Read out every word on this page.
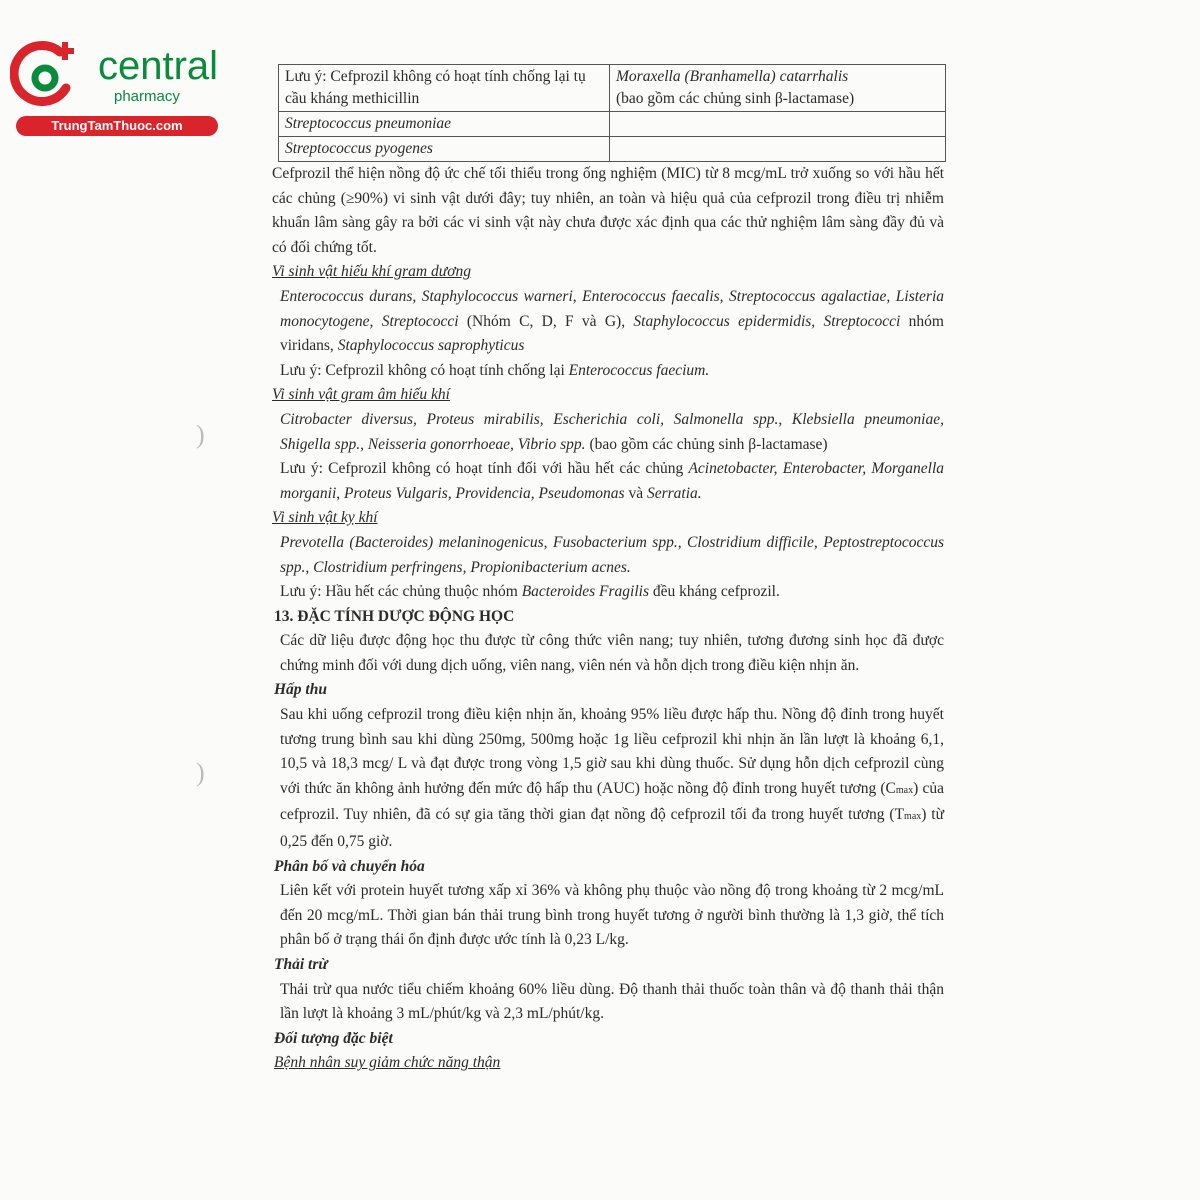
central
pharmacy
TrungTamThuoc.com
)
)
Lưu ý: Cefprozil không có hoạt tính chống lại tụ cầu kháng methicillin	Moraxella (Branhamella) catarrhalis
(bao gồm các chủng sinh β-lactamase)
Streptococcus pneumoniae	
Streptococcus pyogenes	

Cefprozil thể hiện nồng độ ức chế tối thiểu trong ống nghiệm (MIC) từ 8 mcg/mL trở xuống so với hầu hết các chủng (≥90%) vi sinh vật dưới đây; tuy nhiên, an toàn và hiệu quả của cefprozil trong điều trị nhiễm khuẩn lâm sàng gây ra bởi các vi sinh vật này chưa được xác định qua các thử nghiệm lâm sàng đầy đủ và có đối chứng tốt.

Vi sinh vật hiếu khí gram dương

Enterococcus durans, Staphylococcus warneri, Enterococcus faecalis, Streptococcus agalactiae, Listeria monocytogene, Streptococci (Nhóm C, D, F và G), Staphylococcus epidermidis, Streptococci nhóm viridans, Staphylococcus saprophyticus

Lưu ý: Cefprozil không có hoạt tính chống lại Enterococcus faecium.

Vi sinh vật gram âm hiếu khí

Citrobacter diversus, Proteus mirabilis, Escherichia coli, Salmonella spp., Klebsiella pneumoniae, Shigella spp., Neisseria gonorrhoeae, Vibrio spp. (bao gồm các chủng sinh β-lactamase)

Lưu ý: Cefprozil không có hoạt tính đối với hầu hết các chủng Acinetobacter, Enterobacter, Morganella morganii, Proteus Vulgaris, Providencia, Pseudomonas và Serratia.

Vi sinh vật kỵ khí

Prevotella (Bacteroides) melaninogenicus, Fusobacterium spp., Clostridium difficile, Peptostreptococcus spp., Clostridium perfringens, Propionibacterium acnes.

Lưu ý: Hầu hết các chủng thuộc nhóm Bacteroides Fragilis đều kháng cefprozil.

13. ĐẶC TÍNH DƯỢC ĐỘNG HỌC

Các dữ liệu được động học thu được từ công thức viên nang; tuy nhiên, tương đương sinh học đã được chứng minh đối với dung dịch uống, viên nang, viên nén và hỗn dịch trong điều kiện nhịn ăn.

Hấp thu

Sau khi uống cefprozil trong điều kiện nhịn ăn, khoảng 95% liều được hấp thu. Nồng độ đỉnh trong huyết tương trung bình sau khi dùng 250mg, 500mg hoặc 1g liều cefprozil khi nhịn ăn lần lượt là khoảng 6,1, 10,5 và 18,3 mcg/ L và đạt được trong vòng 1,5 giờ sau khi dùng thuốc. Sử dụng hỗn dịch cefprozil cùng với thức ăn không ảnh hưởng đến mức độ hấp thu (AUC) hoặc nồng độ đỉnh trong huyết tương (Cmax) của cefprozil. Tuy nhiên, đã có sự gia tăng thời gian đạt nồng độ cefprozil tối đa trong huyết tương (Tmax) từ 0,25 đến 0,75 giờ.

Phân bố và chuyển hóa

Liên kết với protein huyết tương xấp xỉ 36% và không phụ thuộc vào nồng độ trong khoảng từ 2 mcg/mL đến 20 mcg/mL. Thời gian bán thải trung bình trong huyết tương ở người bình thường là 1,3 giờ, thể tích phân bố ở trạng thái ổn định được ước tính là 0,23 L/kg.

Thải trừ

Thải trừ qua nước tiểu chiếm khoảng 60% liều dùng. Độ thanh thải thuốc toàn thân và độ thanh thải thận lần lượt là khoảng 3 mL/phút/kg và 2,3 mL/phút/kg.

Đối tượng đặc biệt

Bệnh nhân suy giảm chức năng thận
